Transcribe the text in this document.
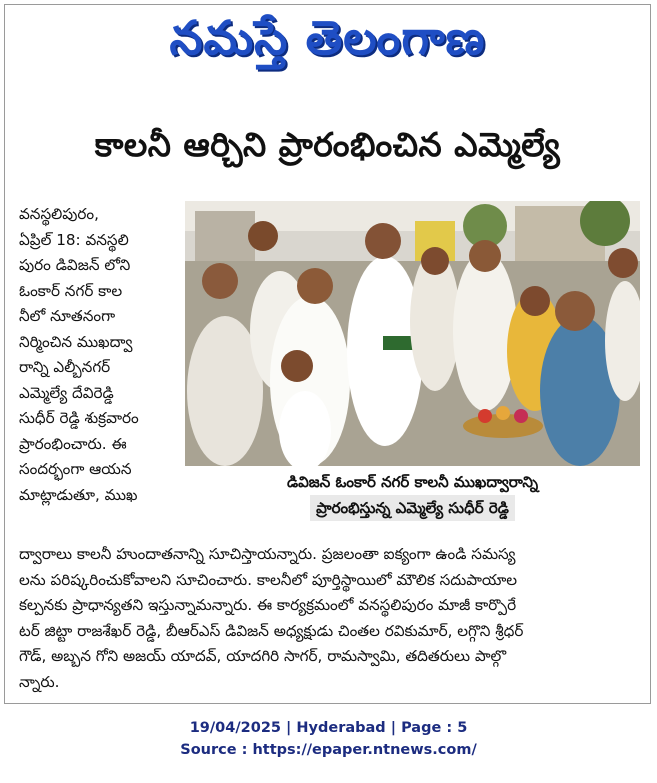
నమస్తే తెలంగాణ
కాలనీ ఆర్చిని ప్రారంభించిన ఎమ్మెల్యే
వనస్థలిపురం,
ఏప్రిల్ 18: వనస్థలి
పురం డివిజన్ లోని
ఓంకార్ నగర్ కాల
నీలో నూతనంగా
నిర్మించిన ముఖద్వా
రాన్ని ఎల్బీనగర్
ఎమ్మెల్యే దేవిరెడ్డి
సుధీర్ రెడ్డి శుక్రవారం
ప్రారంభించారు. ఈ
సందర్భంగా ఆయన
మాట్లాడుతూ, ముఖ
డివిజన్ ఓంకార్ నగర్ కాలనీ ముఖద్వారాన్ని
ప్రారంభిస్తున్న ఎమ్మెల్యే సుధీర్ రెడ్డి
ద్వారాలు కాలనీ హుందాతనాన్ని సూచిస్తాయన్నారు. ప్రజలంతా ఐక్యంగా ఉండి సమస్య
లను పరిష్కరించుకోవాలని సూచించారు. కాలనీలో పూర్తిస్థాయిలో మౌలిక సదుపాయాల
కల్పనకు ప్రాధాన్యతని ఇస్తున్నామన్నారు. ఈ కార్యక్రమంలో వనస్థలిపురం మాజీ కార్పొరే
టర్ జిట్టా రాజశేఖర్ రెడ్డి, బీఆర్ఎస్ డివిజన్ అధ్యక్షుడు చింతల రవికుమార్, లగ్గొని శ్రీధర్
గౌడ్, అబ్బన గోని అజయ్ యాదవ్, యాదగిరి సాగర్, రామస్వామి, తదితరులు పాల్గొ
న్నారు.
19/04/2025 | Hyderabad | Page : 5
Source : https://epaper.ntnews.com/
